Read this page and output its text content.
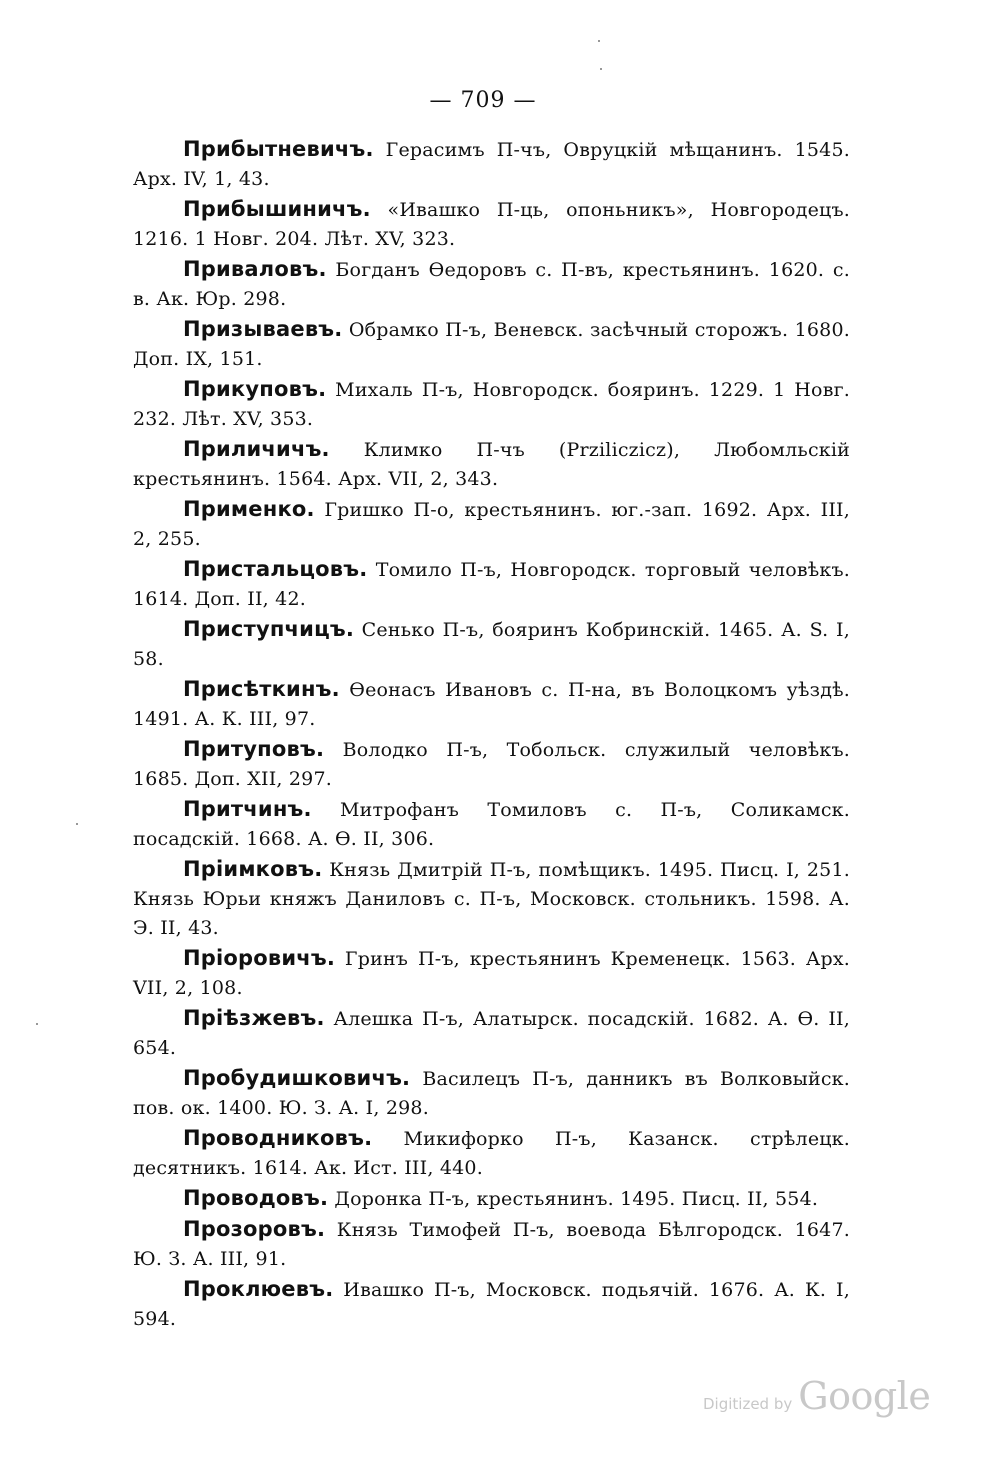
— 709 —

Прибытневичъ. Герасимъ П-чъ, Овруцкій мѣщанинъ. 1545. Арх. IV, 1, 43.

Прибышиничъ. «Ивашко П-ць, опоньникъ», Новгородецъ. 1216. 1 Новг. 204. Лѣт. XV, 323.

Приваловъ. Богданъ Ѳедоровъ с. П-въ, крестьянинъ. 1620. с. в. Ак. Юр. 298.

Призываевъ. Обрамко П-ъ, Веневск. засѣчный сторожъ. 1680. Доп. IX, 151.

Прикуповъ. Михаль П-ъ, Новгородск. бояринъ. 1229. 1 Новг. 232. Лѣт. XV, 353.

Приличичъ. Климко П-чъ (Prziliczicz), Любомльскій крестьянинъ. 1564. Арх. VII, 2, 343.

Применко. Гришко П-о, крестьянинъ. юг.-зап. 1692. Арх. III, 2, 255.

Пристальцовъ. Томило П-ъ, Новгородск. торговый человѣкъ. 1614. Доп. II, 42.

Приступчицъ. Сенько П-ъ, бояринъ Кобринскій. 1465. А. S. I, 58.

Присѣткинъ. Ѳеонасъ Ивановъ с. П-на, въ Волоцкомъ уѣздѣ. 1491. А. К. III, 97.

Притуповъ. Володко П-ъ, Тобольск. служилый человѣкъ. 1685. Доп. XII, 297.

Притчинъ. Митрофанъ Томиловъ с. П-ъ, Соликамск. посадскій. 1668. А. Ѳ. II, 306.

Пріимковъ. Князь Дмитрій П-ъ, помѣщикъ. 1495. Писц. I, 251. Князь Юрьи княжъ Даниловъ с. П-ъ, Московск. стольникъ. 1598. А. Э. II, 43.

Пріоровичъ. Гринъ П-ъ, крестьянинъ Кременецк. 1563. Арх. VII, 2, 108.

Пріѣзжевъ. Алешка П-ъ, Алатырск. посадскій. 1682. А. Ѳ. II, 654.

Пробудишковичъ. Василецъ П-ъ, данникъ въ Волковыйск. пов. ок. 1400. Ю. З. А. I, 298.

Проводниковъ. Микифорко П-ъ, Казанск. стрѣлецк. десятникъ. 1614. Ак. Ист. III, 440.

Проводовъ. Доронка П-ъ, крестьянинъ. 1495. Писц. II, 554.

Прозоровъ. Князь Тимофей П-ъ, воевода Бѣлгородск. 1647. Ю. З. А. III, 91.

Проклюевъ. Ивашко П-ъ, Московск. подьячій. 1676. А. К. I, 594.

Digitized by Google
